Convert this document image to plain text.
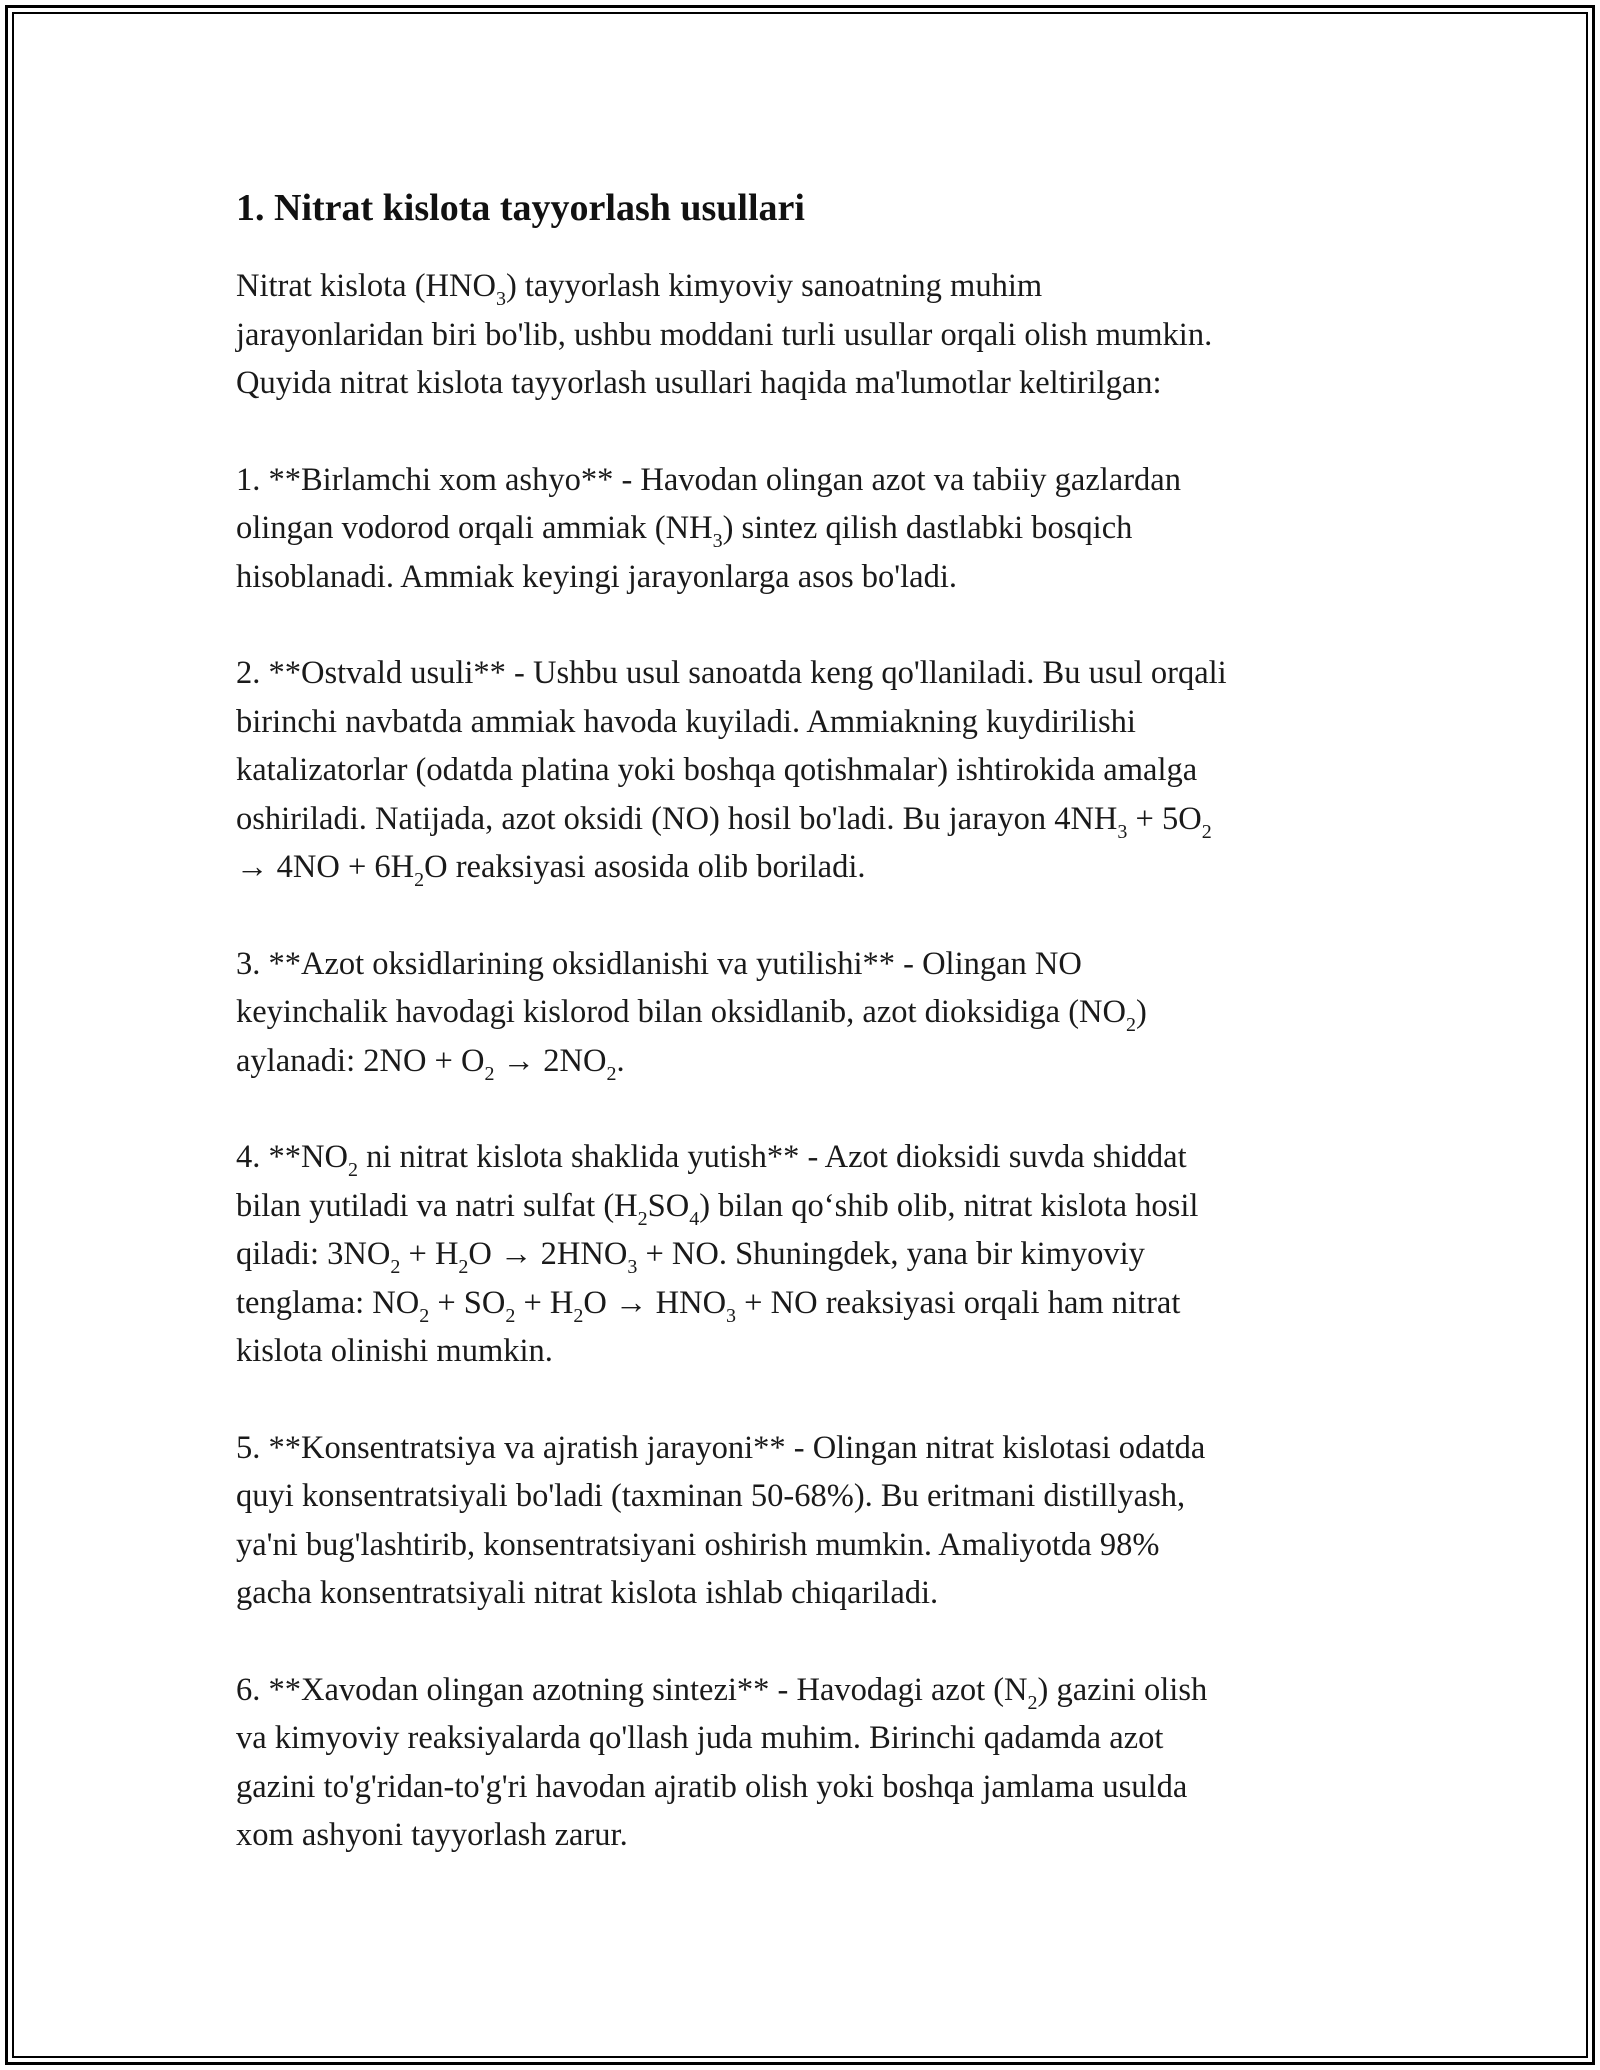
1. Nitrat kislota tayyorlash usullari

Nitrat kislota $(HNO_3)$ tayyorlash kimyoviy sanoatning muhim
jarayonlaridan biri bo'lib, ushbu moddani turli usullar orqali olish mumkin.
Quyida nitrat kislota tayyorlash usullari haqida ma'lumotlar keltirilgan:

1. **Birlamchi xom ashyo** - Havodan olingan azot va tabiiy gazlardan
olingan vodorod orqali ammiak $(NH_3)$ sintez qilish dastlabki bosqich
hisoblanadi. Ammiak keyingi jarayonlarga asos bo'ladi.

2. **Ostvald usuli** - Ushbu usul sanoatda keng qo'llaniladi. Bu usul orqali
birinchi navbatda ammiak havoda kuyiladi. Ammiakning kuydirilishi
katalizatorlar (odatda platina yoki boshqa qotishmalar) ishtirokida amalga
oshiriladi. Natijada, azot oksidi (NO) hosil bo'ladi. Bu jarayon $4NH_3 + 5O_2$
→ $4NO + 6H_2O$ reaksiyasi asosida olib boriladi.

3. **Azot oksidlarining oksidlanishi va yutilishi** - Olingan NO
keyinchalik havodagi kislorod bilan oksidlanib, azot dioksidiga $(NO_2)$
aylanadi: $2NO + O_2 \to 2NO_2$.

4. $**NO_2$ ni nitrat kislota shaklida yutish** - Azot dioksidi suvda shiddat
bilan yutiladi va natri sulfat $(H_2SO_4)$ bilan qo‘shib olib, nitrat kislota hosil
qiladi: $3NO_2 + H_2O \to 2HNO_3$ + NO. Shuningdek, yana bir kimyoviy
tenglama: $NO_2 + SO_2 + H_2O \to HNO_3$ + NO reaksiyasi orqali ham nitrat
kislota olinishi mumkin.

5. **Konsentratsiya va ajratish jarayoni** - Olingan nitrat kislotasi odatda
quyi konsentratsiyali bo'ladi (taxminan 50-68%). Bu eritmani distillyash,
ya'ni bug'lashtirib, konsentratsiyani oshirish mumkin. Amaliyotda 98%
gacha konsentratsiyali nitrat kislota ishlab chiqariladi.

6. **Xavodan olingan azotning sintezi** - Havodagi azot $(N_2)$ gazini olish
va kimyoviy reaksiyalarda qo'llash juda muhim. Birinchi qadamda azot
gazini to'g'ridan-to'g'ri havodan ajratib olish yoki boshqa jamlama usulda
xom ashyoni tayyorlash zarur.
